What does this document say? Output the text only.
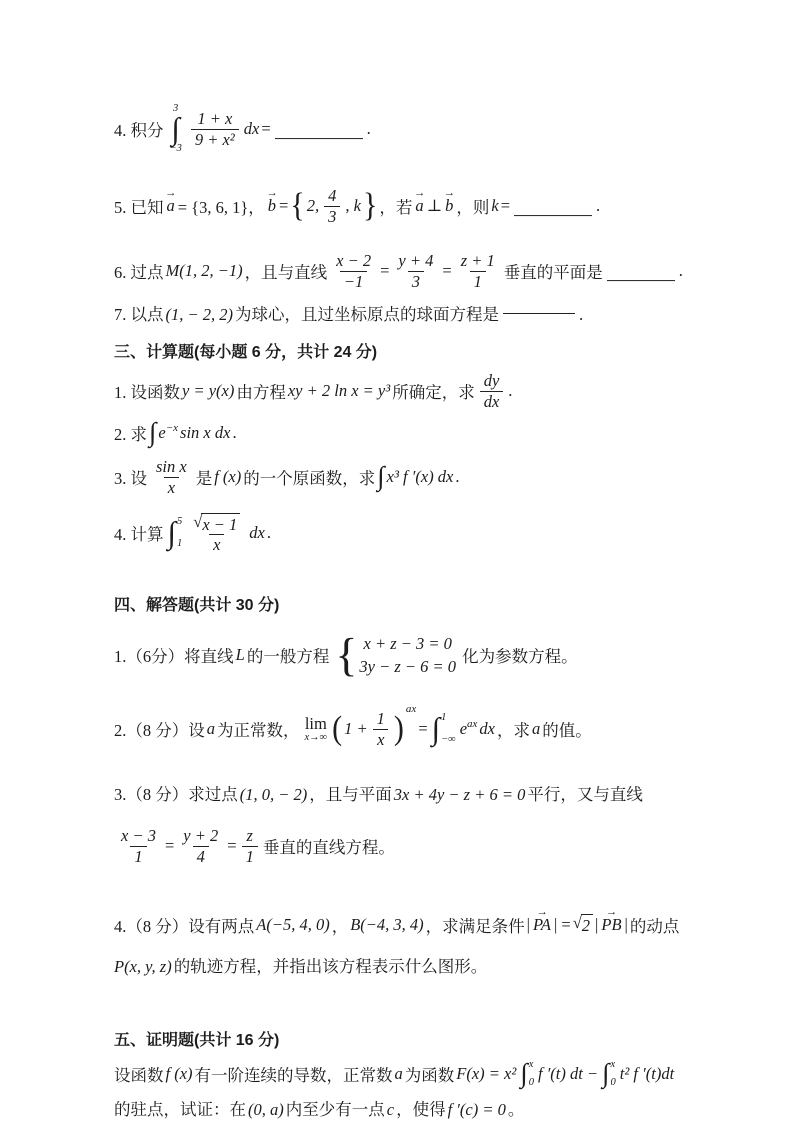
4. 积分
3
∫
$-3 \frac{1 + x}{\text{9 + x²}}$ dx =	.
5. 已知
→
a = {3, 6, 1}，
→
b = { 2, $\frac{4}{3}$ , k } ，若
→
a ⊥
→
b ，则 k =	.
6. 过点 M(1, 2, −1) ，且与直线 $\frac{x - 2}{-1} = \frac{y + 4}{3} = \frac{z + 1}{1}$ 垂直的平面是	.
7. 以点 (1, − 2, 2) 为球心，且过坐标原点的球面方程是	.
三、计算题(每小题 6 分，共计 24 分)
1. 设函数 y = y(x) 由方程 xy + 2 ln x = y³ 所确定，求 $\frac{dy}{dx}$ .
2. 求 ∫ $e^{-x}$ sin x dx .
3. 设 $\frac{\text{sin x}}{x}$ 是 f (x) 的一个原函数，求 ∫ x³ f ′(x) dx .
4. 计算 ∫ 5
$1 \frac{√ x - 1}{x}$ dx .
四、解答题(共计 30 分)
1.（6分）将直线 L 的一般方程 { x + z − 3 = 0
3y − z − 6 = 0
化为参数方程。
2.（8 分）设 a 为正常数， lim
x→∞ ( $1 + \frac{1}{x}$ )
ax
= ∫ 1
−∞
$e^{ax}$ dx ，求 a 的值。
3.（8 分）求过点 (1, 0, − 2) ，且与平面 3x + 4y − z + 6 = 0 平行，又与直线
$\frac{x - 3}{1} = \frac{y + 2}{4} = \frac{z}{1}$ 垂直的直线方程。
4.（8 分）设有两点 A(−5, 4, 0) ， B(−4, 3, 4) ，求满足条件 |
→
PA | = √ 2 |
→
PB | 的动点
P(x, y, z) 的轨迹方程，并指出该方程表示什么图形。
五、证明题(共计 16 分)
设函数 f (x) 有一阶连续的导数，正常数 a 为函数 F(x) = x² ∫ x
0 f ′(t) dt − ∫ x
0 t² f ′(t)dt
的驻点，试证：在 (0, a) 内至少有一点 c ，使得 f ′(c) = 0 。
